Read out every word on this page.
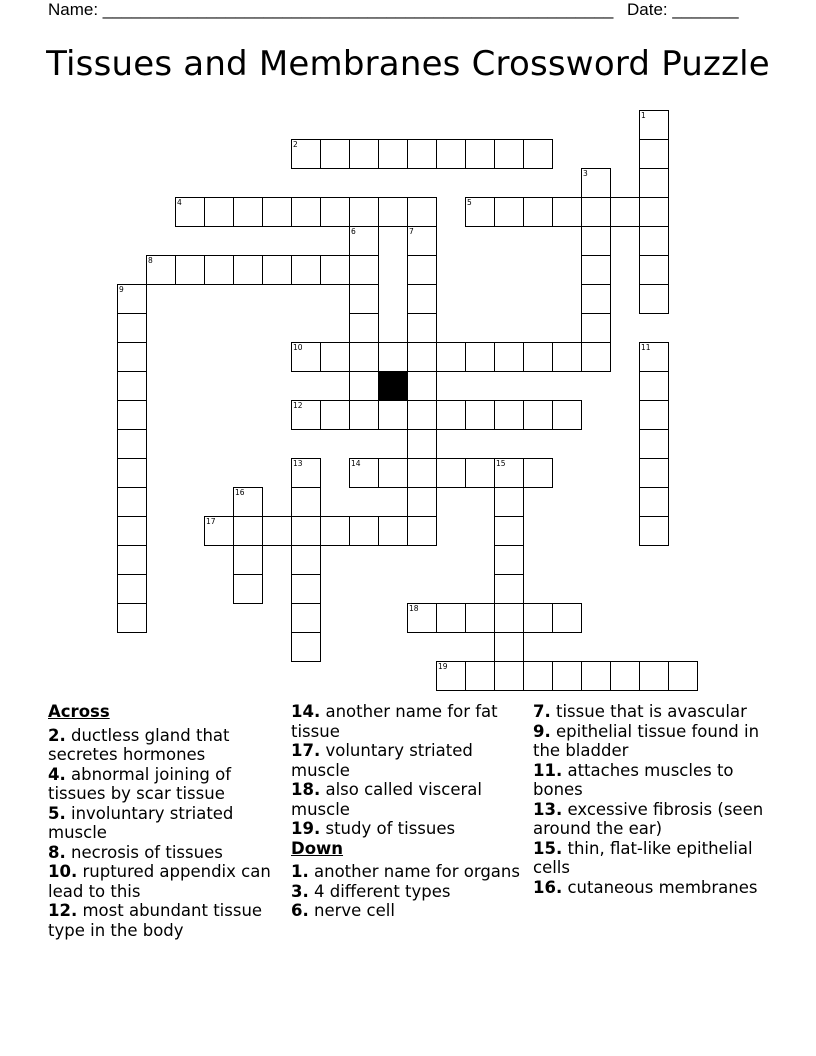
Name: ______________________________________________________ Date: _______
Tissues and Membranes Crossword Puzzle
2
4	5
8
10
12
14	15
17
18
19
1
3
6	7
9
11
13
16
Across
2. ductless gland that secretes hormones
4. abnormal joining of tissues by scar tissue
5. involuntary striated muscle
8. necrosis of tissues
10. ruptured appendix can lead to this
12. most abundant tissue type in the body
14. another name for fat tissue
17. voluntary striated muscle
18. also called visceral muscle
19. study of tissues
Down
1. another name for organs
3. 4 different types
6. nerve cell
7. tissue that is avascular
9. epithelial tissue found in the bladder
11. attaches muscles to bones
13. excessive fibrosis (seen around the ear)
15. thin, flat-like epithelial cells
16. cutaneous membranes
